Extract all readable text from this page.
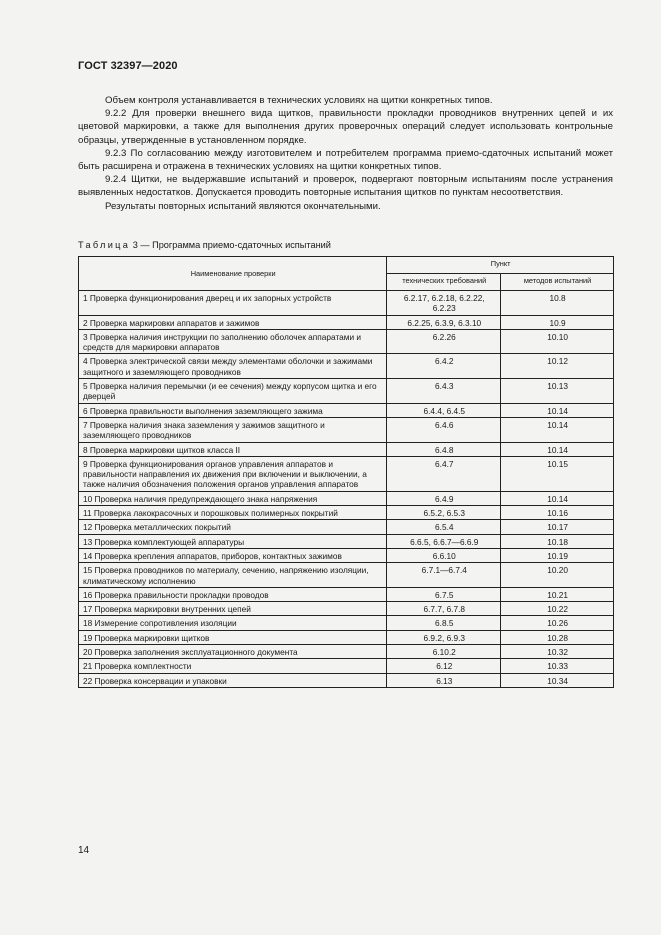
ГОСТ 32397—2020

Объем контроля устанавливается в технических условиях на щитки конкретных типов.

9.2.2 Для проверки внешнего вида щитков, правильности прокладки проводников внутренних цепей и их цветовой маркировки, а также для выполнения других проверочных операций следует использовать контрольные образцы, утвержденные в установленном порядке.

9.2.3 По согласованию между изготовителем и потребителем программа приемо-сдаточных испытаний может быть расширена и отражена в технических условиях на щитки конкретных типов.

9.2.4 Щитки, не выдержавшие испытаний и проверок, подвергают повторным испытаниям после устранения выявленных недостатков. Допускается проводить повторные испытания щитков по пунктам несоответствия.

Результаты повторных испытаний являются окончательными.

Таблица 3 — Программа приемо-сдаточных испытаний
Наименование проверки	Пункт	
	технических требований	методов испытаний
1 Проверка функционирования дверец и их запорных устройств	6.2.17, 6.2.18, 6.2.22, 6.2.23	10.8
2 Проверка маркировки аппаратов и зажимов	6.2.25, 6.3.9, 6.3.10	10.9
3 Проверка наличия инструкции по заполнению оболочек аппаратами и средств для маркировки аппаратов	6.2.26	10.10
4 Проверка электрической связи между элементами оболочки и зажимами защитного и заземляющего проводников	6.4.2	10.12
5 Проверка наличия перемычки (и ее сечения) между корпусом щитка и его дверцей	6.4.3	10.13
6 Проверка правильности выполнения заземляющего зажима	6.4.4, 6.4.5	10.14
7 Проверка наличия знака заземления у зажимов защитного и заземляющего проводников	6.4.6	10.14
8 Проверка маркировки щитков класса II	6.4.8	10.14
9 Проверка функционирования органов управления аппаратов и правильности направления их движения при включении и выключении, а также наличия обозначения положения органов управления аппаратов	6.4.7	10.15
10 Проверка наличия предупреждающего знака напряжения	6.4.9	10.14
11 Проверка лакокрасочных и порошковых полимерных покрытий	6.5.2, 6.5.3	10.16
12 Проверка металлических покрытий	6.5.4	10.17
13 Проверка комплектующей аппаратуры	6.6.5, 6.6.7—6.6.9	10.18
14 Проверка крепления аппаратов, приборов, контактных зажимов	6.6.10	10.19
15 Проверка проводников по материалу, сечению, напряжению изоляции, климатическому исполнению	6.7.1—6.7.4	10.20
16 Проверка правильности прокладки проводов	6.7.5	10.21
17 Проверка маркировки внутренних цепей	6.7.7, 6.7.8	10.22
18 Измерение сопротивления изоляции	6.8.5	10.26
19 Проверка маркировки щитков	6.9.2, 6.9.3	10.28
20 Проверка заполнения эксплуатационного документа	6.10.2	10.32
21 Проверка комплектности	6.12	10.33
22 Проверка консервации и упаковки	6.13	10.34
14
